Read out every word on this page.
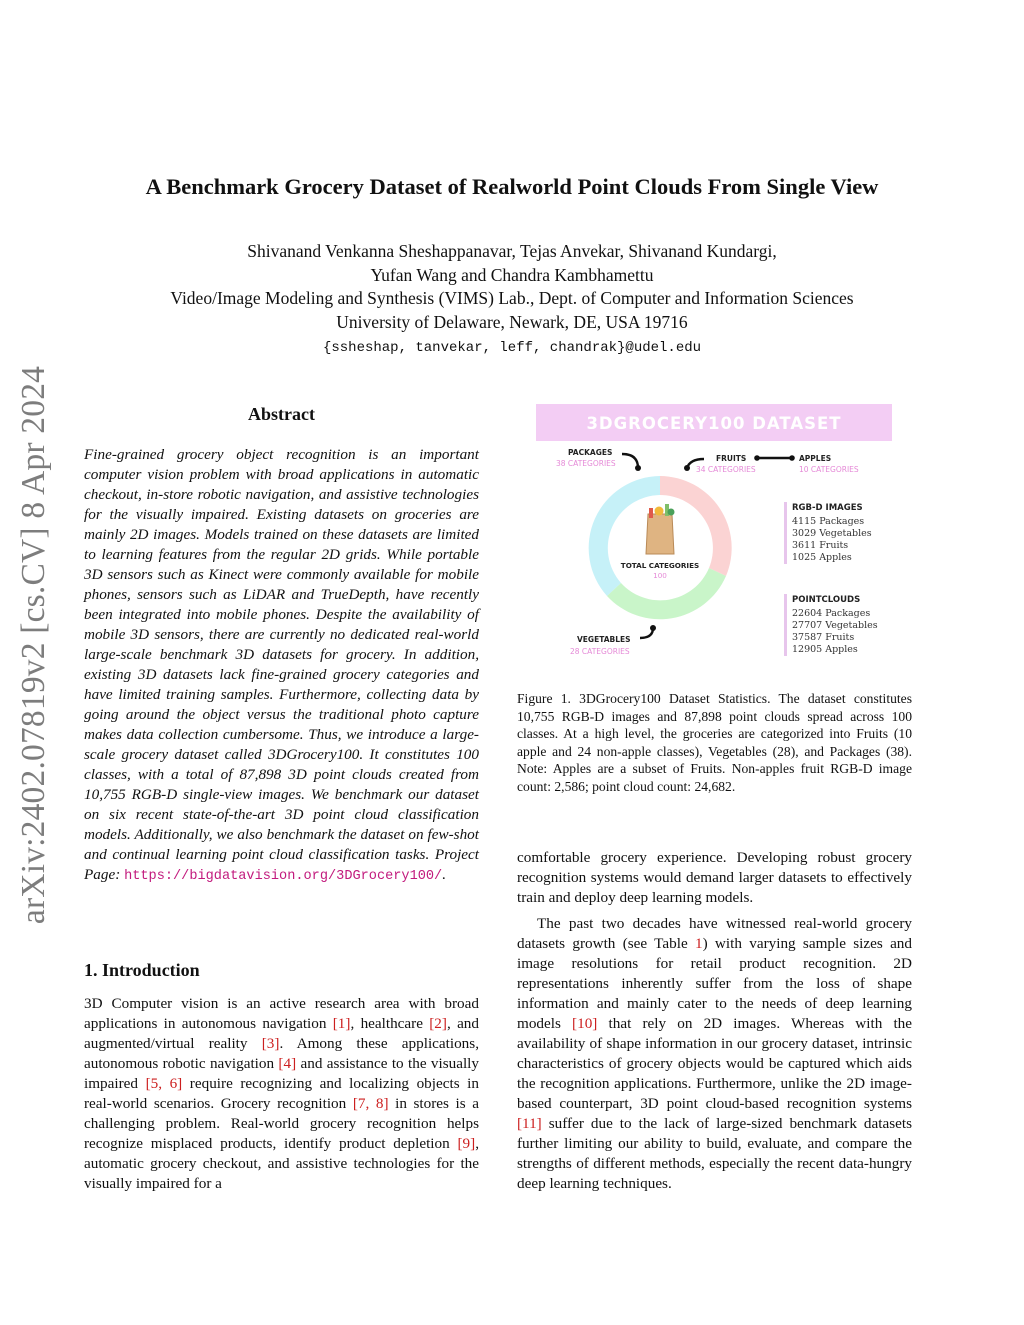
arXiv:2402.07819v2 [cs.CV] 8 Apr 2024
A Benchmark Grocery Dataset of Realworld Point Clouds From Single View
Shivanand Venkanna Sheshappanavar, Tejas Anvekar, Shivanand Kundargi,
Yufan Wang and Chandra Kambhamettu
Video/Image Modeling and Synthesis (VIMS) Lab., Dept. of Computer and Information Sciences
University of Delaware, Newark, DE, USA 19716
{ssheshap, tanvekar, leff, chandrak}@udel.edu
Abstract
Fine-grained grocery object recognition is an important computer vision problem with broad applications in automatic checkout, in-store robotic navigation, and assistive technologies for the visually impaired. Existing datasets on groceries are mainly 2D images. Models trained on these datasets are limited to learning features from the regular 2D grids. While portable 3D sensors such as Kinect were commonly available for mobile phones, sensors such as LiDAR and TrueDepth, have recently been integrated into mobile phones. Despite the availability of mobile 3D sensors, there are currently no dedicated real-world large-scale benchmark 3D datasets for grocery. In addition, existing 3D datasets lack fine-grained grocery categories and have limited training samples. Furthermore, collecting data by going around the object versus the traditional photo capture makes data collection cumbersome. Thus, we introduce a large-scale grocery dataset called 3DGrocery100. It constitutes 100 classes, with a total of 87,898 3D point clouds created from 10,755 RGB-D single-view images. We benchmark our dataset on six recent state-of-the-art 3D point cloud classification models. Additionally, we also benchmark the dataset on few-shot and continual learning point cloud classification tasks. Project Page: https://bigdatavision.org/3DGrocery100/.
3DGROCERY100 DATASET
TOTAL CATEGORIES
100
PACKAGES
38 CATEGORIES
FRUITS
34 CATEGORIES
APPLES
10 CATEGORIES
VEGETABLES
28 CATEGORIES
RGB-D IMAGES
4115 Packages
3029 Vegetables
3611 Fruits
1025 Apples
POINTCLOUDS
22604 Packages
27707 Vegetables
37587 Fruits
12905 Apples
Figure 1. 3DGrocery100 Dataset Statistics. The dataset constitutes 10,755 RGB-D images and 87,898 point clouds spread across 100 classes. At a high level, the groceries are categorized into Fruits (10 apple and 24 non-apple classes), Vegetables (28), and Packages (38). Note: Apples are a subset of Fruits. Non-apples fruit RGB-D image count: 2,586; point cloud count: 24,682.
1. Introduction
3D Computer vision is an active research area with broad applications in autonomous navigation [1], healthcare [2], and augmented/virtual reality [3]. Among these applications, autonomous robotic navigation [4] and assistance to the visually impaired [5, 6] require recognizing and localizing objects in real-world scenarios. Grocery recognition [7, 8] in stores is a challenging problem. Real-world grocery recognition helps recognize misplaced products, identify product depletion [9], automatic grocery checkout, and assistive technologies for the visually impaired for a

comfortable grocery experience. Developing robust grocery recognition systems would demand larger datasets to effectively train and deploy deep learning models.

The past two decades have witnessed real-world grocery datasets growth (see Table 1) with varying sample sizes and image resolutions for retail product recognition. 2D representations inherently suffer from the loss of shape information and mainly cater to the needs of deep learning models [10] that rely on 2D images. Whereas with the availability of shape information in our grocery dataset, intrinsic characteristics of grocery objects would be captured which aids the recognition applications. Furthermore, unlike the 2D image-based counterpart, 3D point cloud-based recognition systems [11] suffer due to the lack of large-sized benchmark datasets further limiting our ability to build, evaluate, and compare the strengths of different methods, especially the recent data-hungry deep learning techniques.
